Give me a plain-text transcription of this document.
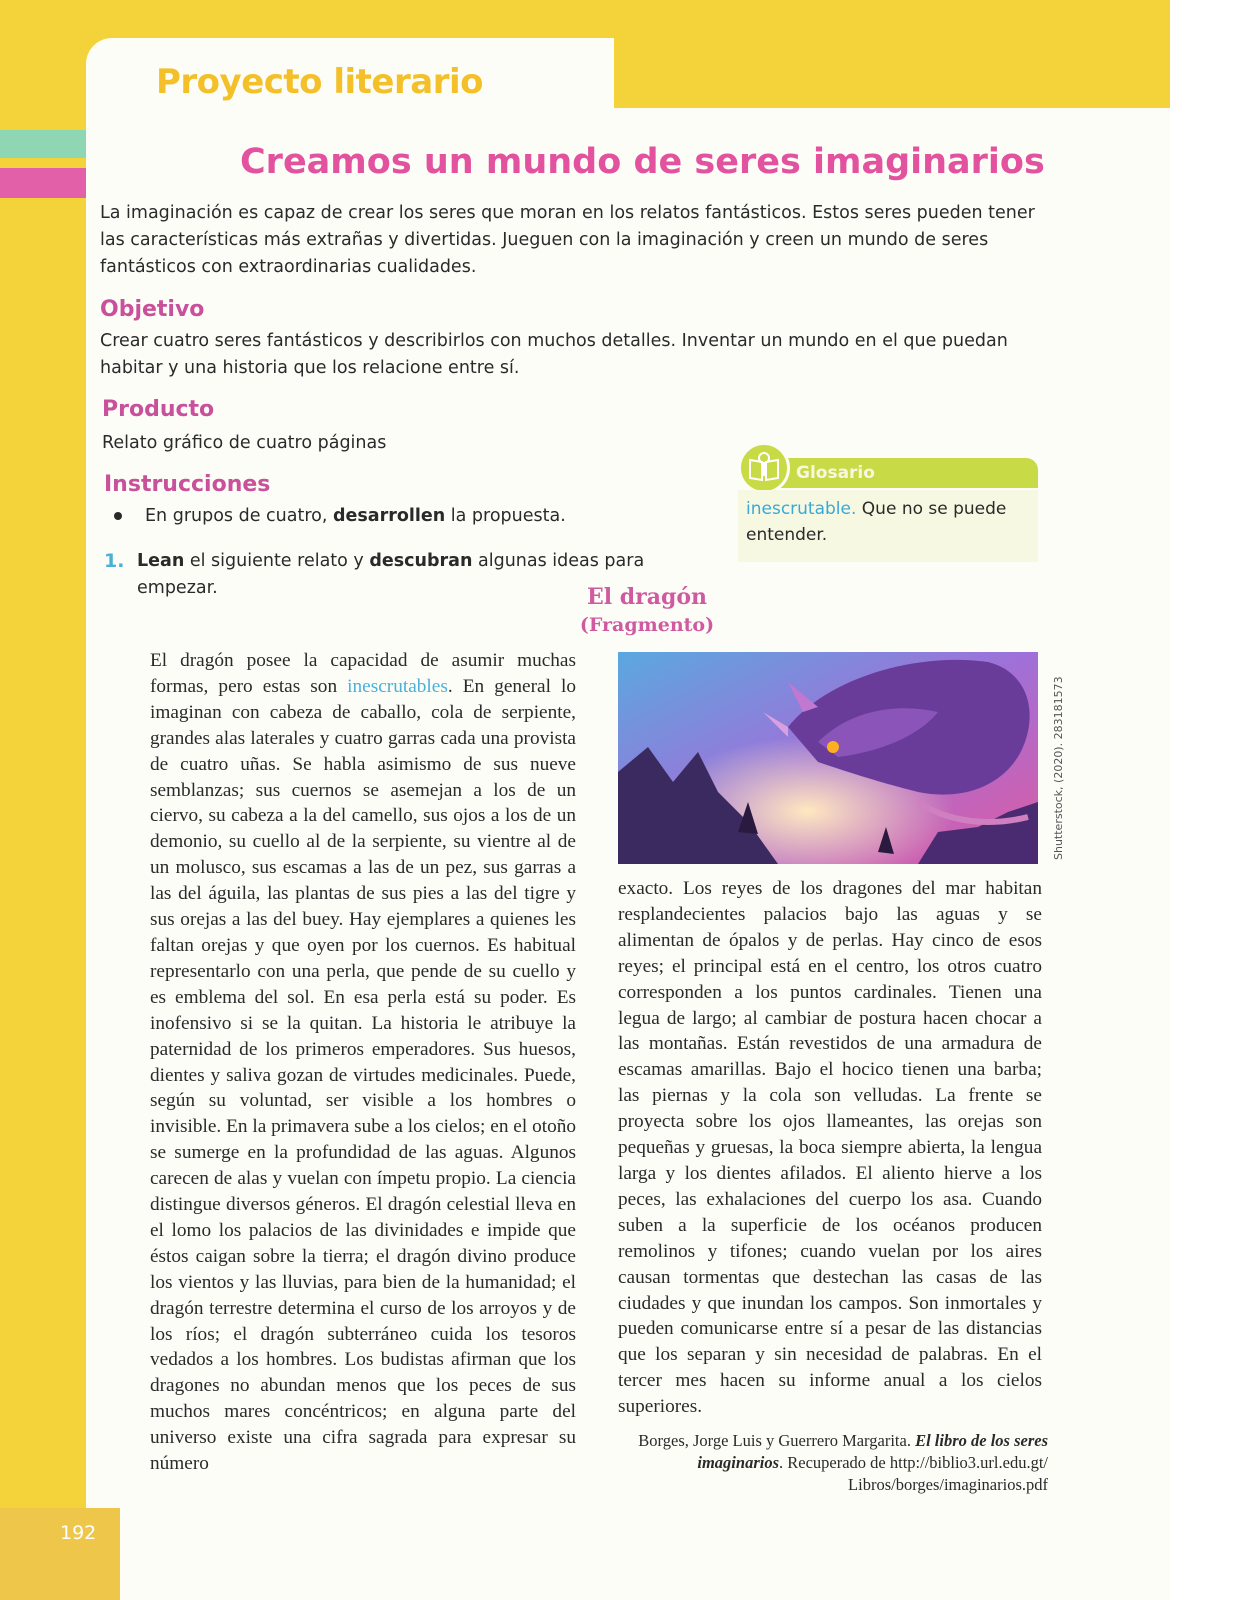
192
Proyecto literario
Creamos un mundo de seres imaginarios
La imaginación es capaz de crear los seres que moran en los relatos fantásticos. Estos seres pueden tener las características más extrañas y divertidas. Jueguen con la imaginación y creen un mundo de seres fantásticos con extraordinarias cualidades.
Objetivo
Crear cuatro seres fantásticos y describirlos con muchos detalles. Inventar un mundo en el que puedan habitar y una historia que los relacione entre sí.
Producto
Relato gráfico de cuatro páginas
Instrucciones
En grupos de cuatro, desarrollen la propuesta.
1. Lean el siguiente relato y descubran algunas ideas para empezar.
Glosario
inescrutable. Que no se puede entender.
El dragón
(Fragmento)
El dragón posee la capacidad de asumir muchas formas, pero estas son inescrutables. En general lo imaginan con cabeza de caballo, cola de serpiente, grandes alas laterales y cuatro garras cada una provista de cuatro uñas. Se habla asimismo de sus nueve semblanzas; sus cuernos se asemejan a los de un ciervo, su cabeza a la del camello, sus ojos a los de un demonio, su cuello al de la serpiente, su vientre al de un molusco, sus escamas a las de un pez, sus garras a las del águila, las plantas de sus pies a las del tigre y sus orejas a las del buey. Hay ejemplares a quienes les faltan orejas y que oyen por los cuernos. Es habitual representarlo con una perla, que pende de su cuello y es emblema del sol. En esa perla está su poder. Es inofensivo si se la quitan. La historia le atribuye la paternidad de los primeros emperadores. Sus huesos, dientes y saliva gozan de virtudes medicinales. Puede, según su voluntad, ser visible a los hombres o invisible. En la primavera sube a los cielos; en el otoño se sumerge en la profundidad de las aguas. Algunos carecen de alas y vuelan con ímpetu propio. La ciencia distingue diversos géneros. El dragón celestial lleva en el lomo los palacios de las divinidades e impide que éstos caigan sobre la tierra; el dragón divino produce los vientos y las lluvias, para bien de la humanidad; el dragón terrestre determina el curso de los arroyos y de los ríos; el dragón subterráneo cuida los tesoros vedados a los hombres. Los budistas afirman que los dragones no abundan menos que los peces de sus muchos mares concéntricos; en alguna parte del universo existe una cifra sagrada para expresar su número
Shutterstock, (2020). 283181573
exacto. Los reyes de los dragones del mar habitan resplandecientes palacios bajo las aguas y se alimentan de ópalos y de perlas. Hay cinco de esos reyes; el principal está en el centro, los otros cuatro corresponden a los puntos cardinales. Tienen una legua de largo; al cambiar de postura hacen chocar a las montañas. Están revestidos de una armadura de escamas amarillas. Bajo el hocico tienen una barba; las piernas y la cola son velludas. La frente se proyecta sobre los ojos llameantes, las orejas son pequeñas y gruesas, la boca siempre abierta, la lengua larga y los dientes afilados. El aliento hierve a los peces, las exhalaciones del cuerpo los asa. Cuando suben a la superficie de los océanos producen remolinos y tifones; cuando vuelan por los aires causan tormentas que destechan las casas de las ciudades y que inundan los campos. Son inmortales y pueden comunicarse entre sí a pesar de las distancias que los separan y sin necesidad de palabras. En el tercer mes hacen su informe anual a los cielos superiores.
Borges, Jorge Luis y Guerrero Margarita. El libro de los seres imaginarios. Recuperado de http://biblio3.url.edu.gt/ Libros/borges/imaginarios.pdf
